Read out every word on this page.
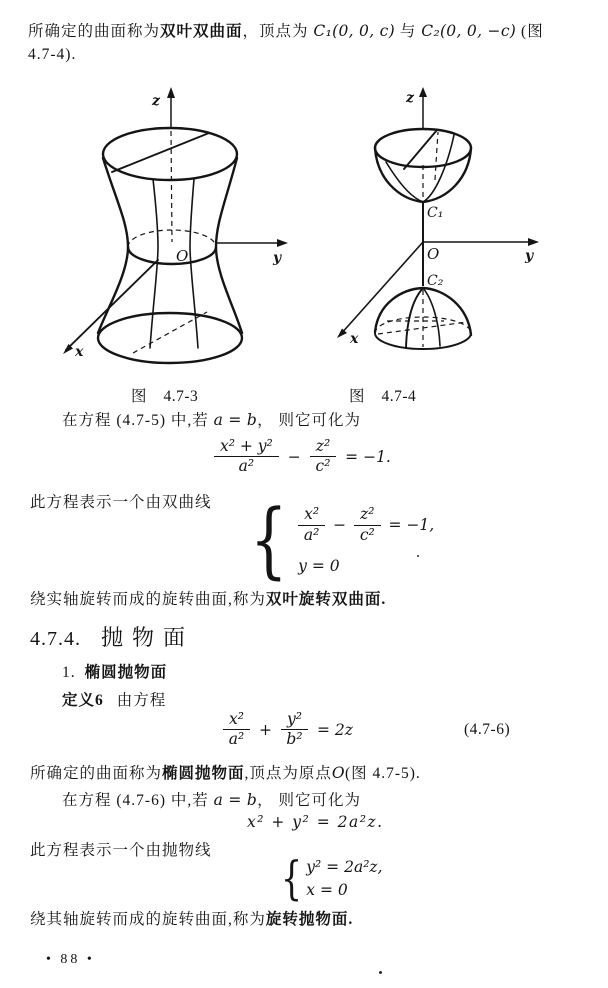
所确定的曲面称为双叶双曲面，顶点为 C₁(0, 0, c) 与 C₂(0, 0, −c) (图

4.7-4).

z
O	y
x
z
C₁
y
O
x
C₂
图 4.7-3	图 4.7-4

在方程 (4.7-5) 中,若 a = b， 则它可化为

$\frac{\text{x² + y²}}{\text{a²}} - \frac{\text{z²}}{\text{c²}} = -1$.

此方程表示一个由双曲线 { $\frac{\text{x²}}{\text{a²}} - \frac{\text{z²}}{\text{c²}} = -1$,
y = 0

绕实轴旋转而成的旋转曲面,称为双叶旋转双曲面.

4.7.4. 抛物面

1. 椭圆抛物面

定义6 由方程

$\frac{\text{x²}}{\text{a²}} + \frac{\text{y²}}{\text{b²}} = 2z$	(4.7-6)

所确定的曲面称为椭圆抛物面,顶点为原点O(图 4.7-5).

在方程 (4.7-6) 中,若 a = b， 则它可化为

x² + y² = 2a²z.

此方程表示一个由抛物线

{ y² = 2a²z,
x = 0

绕其轴旋转而成的旋转曲面,称为旋转抛物面.

• 88 •
